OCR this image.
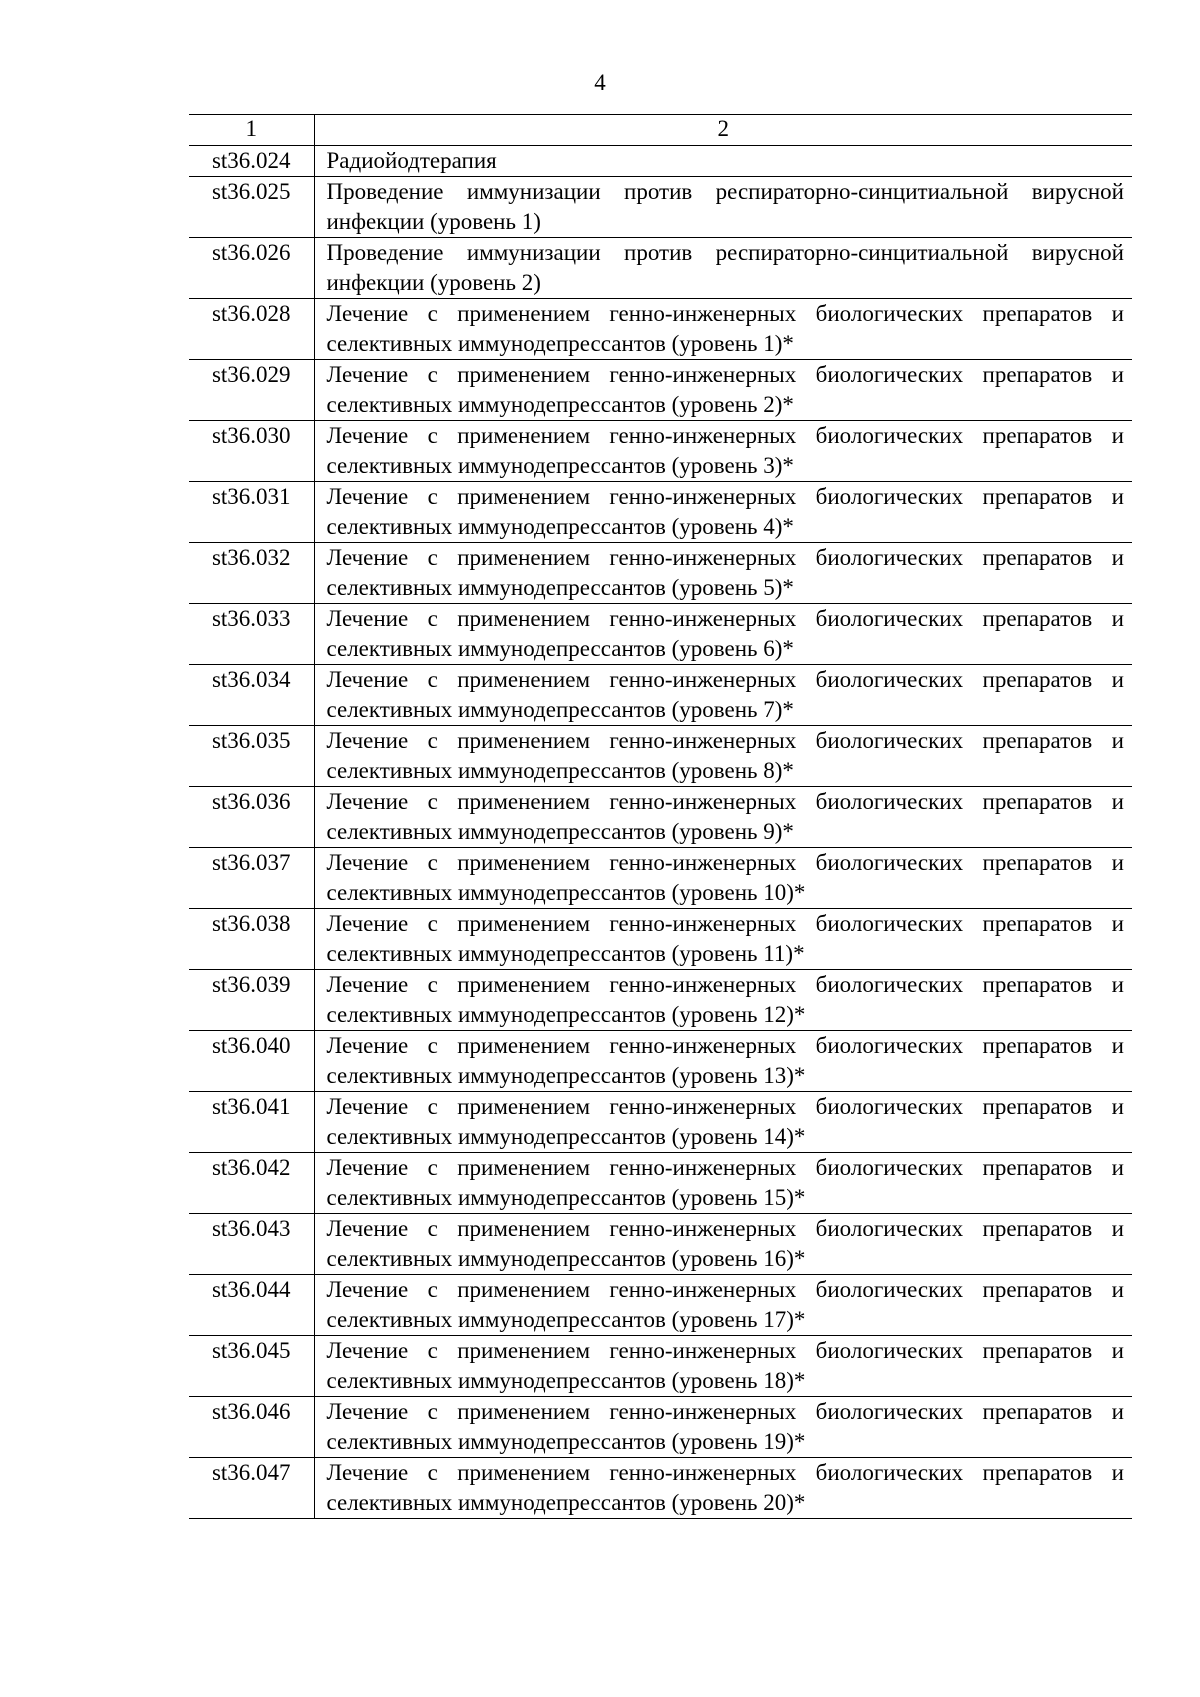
4
1	2
st36.024	Радиойодтерапия
st36.025	Проведение иммунизации против респираторно-синцитиальной вирусной инфекции (уровень 1)
st36.026	Проведение иммунизации против респираторно-синцитиальной вирусной инфекции (уровень 2)
st36.028	Лечение с применением генно-инженерных биологических препаратов и селективных иммунодепрессантов (уровень 1)*
st36.029	Лечение с применением генно-инженерных биологических препаратов и селективных иммунодепрессантов (уровень 2)*
st36.030	Лечение с применением генно-инженерных биологических препаратов и селективных иммунодепрессантов (уровень 3)*
st36.031	Лечение с применением генно-инженерных биологических препаратов и селективных иммунодепрессантов (уровень 4)*
st36.032	Лечение с применением генно-инженерных биологических препаратов и селективных иммунодепрессантов (уровень 5)*
st36.033	Лечение с применением генно-инженерных биологических препаратов и селективных иммунодепрессантов (уровень 6)*
st36.034	Лечение с применением генно-инженерных биологических препаратов и селективных иммунодепрессантов (уровень 7)*
st36.035	Лечение с применением генно-инженерных биологических препаратов и селективных иммунодепрессантов (уровень 8)*
st36.036	Лечение с применением генно-инженерных биологических препаратов и селективных иммунодепрессантов (уровень 9)*
st36.037	Лечение с применением генно-инженерных биологических препаратов и селективных иммунодепрессантов (уровень 10)*
st36.038	Лечение с применением генно-инженерных биологических препаратов и селективных иммунодепрессантов (уровень 11)*
st36.039	Лечение с применением генно-инженерных биологических препаратов и селективных иммунодепрессантов (уровень 12)*
st36.040	Лечение с применением генно-инженерных биологических препаратов и селективных иммунодепрессантов (уровень 13)*
st36.041	Лечение с применением генно-инженерных биологических препаратов и селективных иммунодепрессантов (уровень 14)*
st36.042	Лечение с применением генно-инженерных биологических препаратов и селективных иммунодепрессантов (уровень 15)*
st36.043	Лечение с применением генно-инженерных биологических препаратов и селективных иммунодепрессантов (уровень 16)*
st36.044	Лечение с применением генно-инженерных биологических препаратов и селективных иммунодепрессантов (уровень 17)*
st36.045	Лечение с применением генно-инженерных биологических препаратов и селективных иммунодепрессантов (уровень 18)*
st36.046	Лечение с применением генно-инженерных биологических препаратов и селективных иммунодепрессантов (уровень 19)*
st36.047	Лечение с применением генно-инженерных биологических препаратов и селективных иммунодепрессантов (уровень 20)*
